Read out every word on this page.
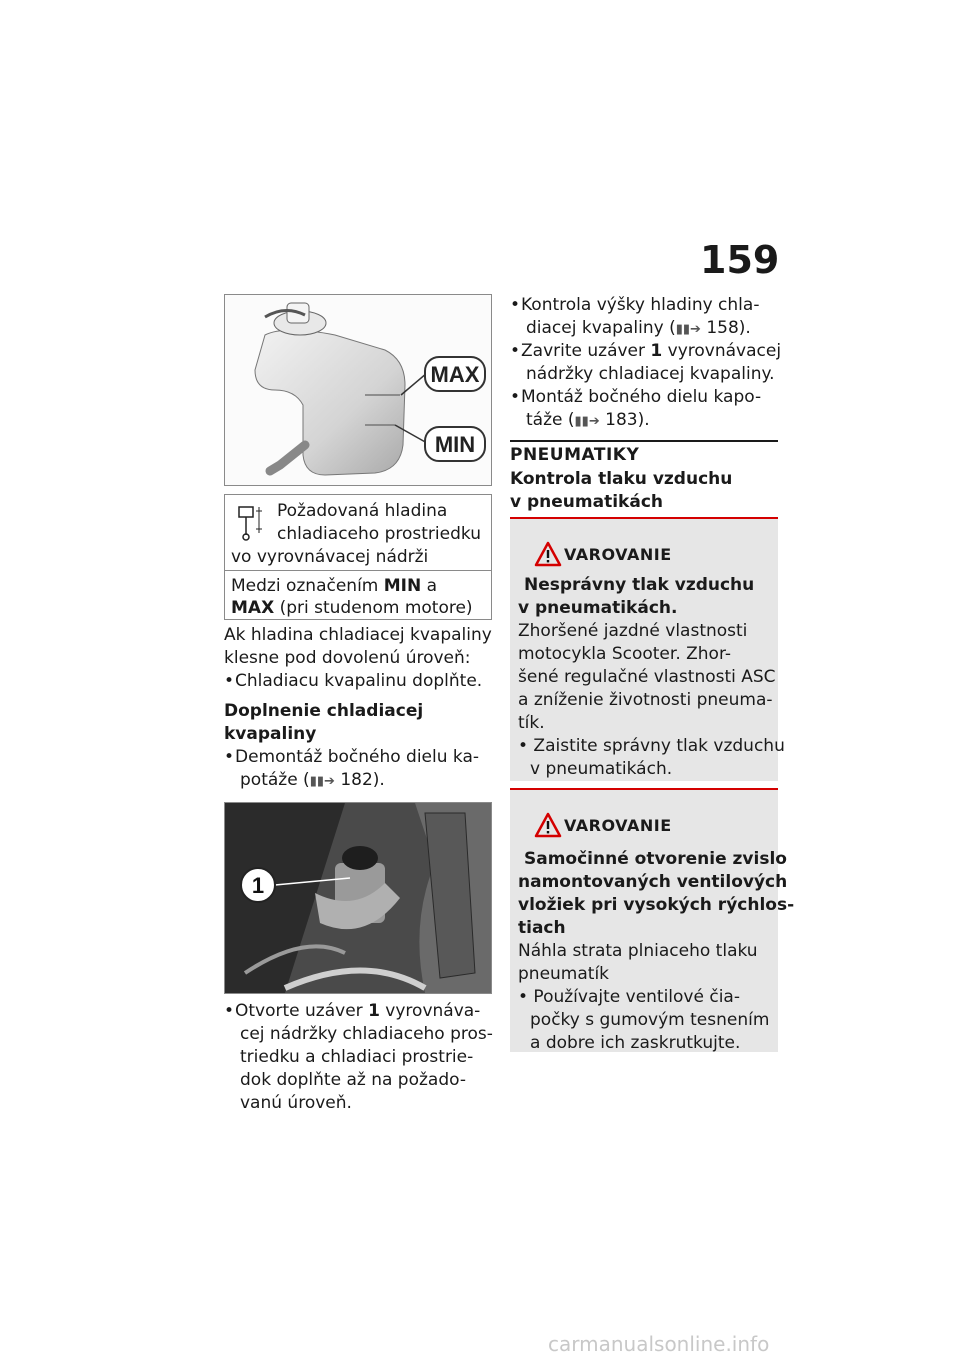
159
MAX
MIN
Požadovaná hladina
chladiaceho prostriedku
vo vyrovnávacej nádrži
Medzi označením MIN a
MAX (pri studenom motore)
Ak hladina chladiacej kvapaliny
klesne pod dovolenú úroveň:
• Chladiacu kvapalinu doplňte.
Doplnenie chladiacej
kvapaliny
• Demontáž bočného dielu ka-
potáže (▮▮➔ 182).
1
• Otvorte uzáver 1 vyrovnáva-
cej nádržky chladiaceho pros-
triedku a chladiaci prostrie-
dok doplňte až na požado-
vanú úroveň.
• Kontrola výšky hladiny chla-
diacej kvapaliny (▮▮➔ 158).
• Zavrite uzáver 1 vyrovnávacej
nádržky chladiacej kvapaliny.
• Montáž bočného dielu kapo-
táže (▮▮➔ 183).
PNEUMATIKY
Kontrola tlaku vzduchu
v pneumatikách
VAROVANIE
Nesprávny tlak vzduchu
v pneumatikách.
Zhoršené jazdné vlastnosti
motocykla Scooter. Zhor-
šené regulačné vlastnosti ASC
a zníženie životnosti pneuma-
tík.
• Zaistite správny tlak vzduchu
v pneumatikách.
VAROVANIE
Samočinné otvorenie zvislo
namontovaných ventilových
vložiek pri vysokých rýchlos-
tiach
Náhla strata plniaceho tlaku
pneumatík
• Používajte ventilové čia-
počky s gumovým tesnením
a dobre ich zaskrutkujte.
carmanualsonline.info
